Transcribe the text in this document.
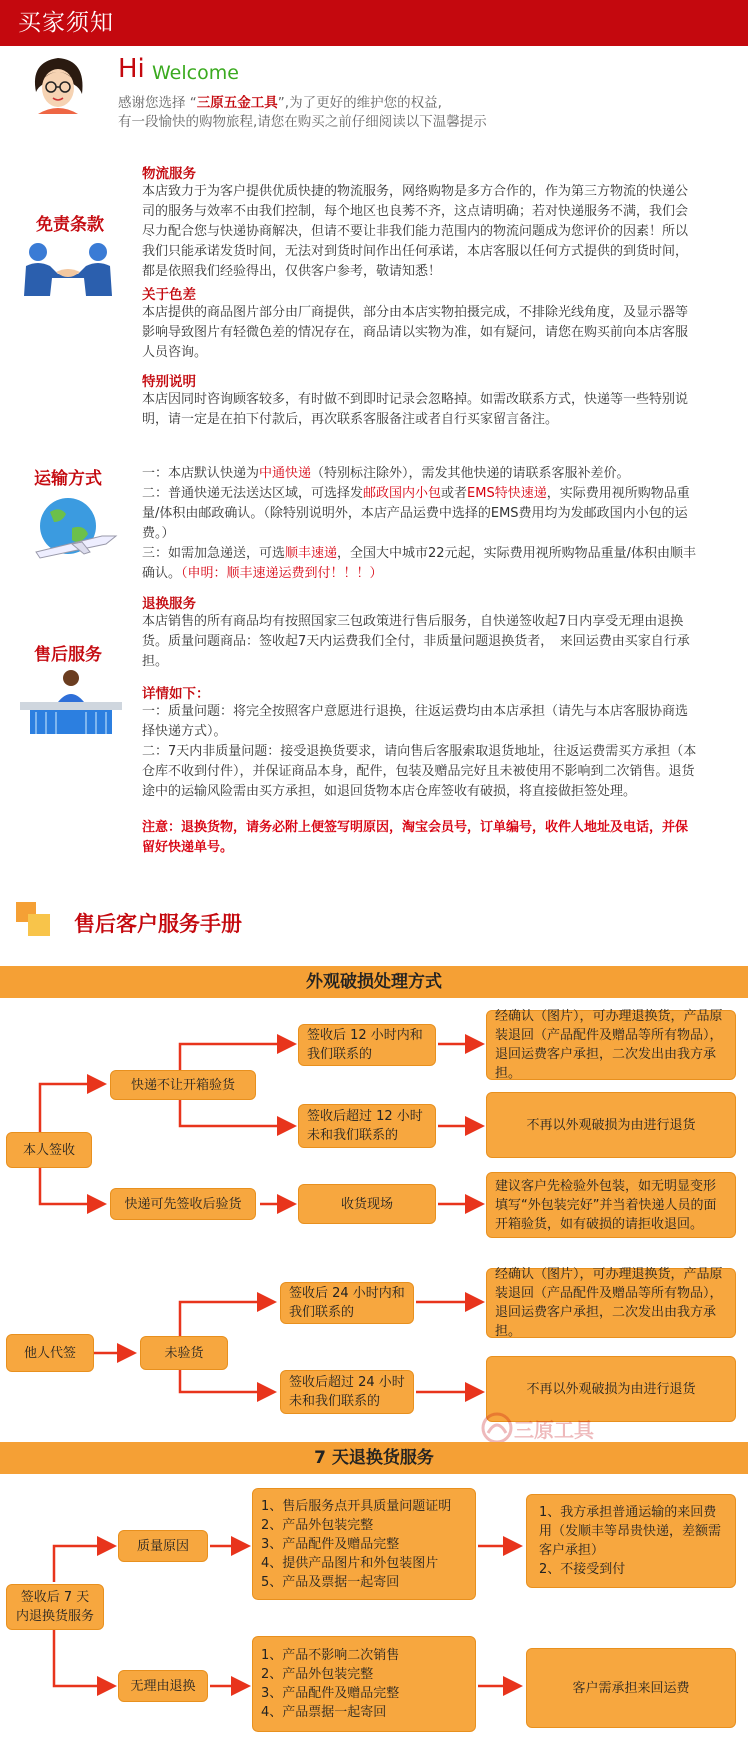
买家须知
Hi Welcome
感谢您选择 “三原五金工具”,为了更好的维护您的权益,
有一段愉快的购物旅程,请您在购买之前仔细阅读以下温馨提示
免责条款
物流服务
本店致力于为客户提供优质快捷的物流服务，网络购物是多方合作的，作为第三方物流的快递公司的服务与效率不由我们控制，每个地区也良莠不齐，这点请明确；若对快递服务不满，我们会尽力配合您与快递协商解决，但请不要让非我们能力范围内的物流问题成为您评价的因素！所以我们只能承诺发货时间，无法对到货时间作出任何承诺，本店客服以任何方式提供的到货时间，都是依照我们经验得出，仅供客户参考，敬请知悉！
关于色差
本店提供的商品图片部分由厂商提供，部分由本店实物拍摄完成，不排除光线角度，及显示器等影响导致图片有轻微色差的情况存在，商品请以实物为准，如有疑问，请您在购买前向本店客服人员咨询。
特别说明
本店因同时咨询顾客较多，有时做不到即时记录会忽略掉。如需改联系方式，快递等一些特别说明，请一定是在拍下付款后，再次联系客服备注或者自行买家留言备注。
运输方式	一：本店默认快递为中通快递（特别标注除外），需发其他快递的请联系客服补差价。
二：普通快递无法送达区域，可选择发邮政国内小包或者EMS特快速递，实际费用视所购物品重量/体积由邮政确认。（除特别说明外，本店产品运费中选择的EMS费用均为发邮政国内小包的运费。）
三：如需加急递送，可选顺丰速递，全国大中城市22元起，实际费用视所购物品重量/体积由顺丰确认。（申明：顺丰速递运费到付！！！）
售后服务
退换服务
本店销售的所有商品均有按照国家三包政策进行售后服务，自快递签收起7日内享受无理由退换货。质量问题商品：签收起7天内运费我们全付，非质量问题退换货者，　来回运费由买家自行承担。
详情如下：
一：质量问题：将完全按照客户意愿进行退换，往返运费均由本店承担（请先与本店客服协商选择快递方式）。
二：7天内非质量问题：接受退换货要求，请向售后客服索取退货地址，往返运费需买方承担（本仓库不收到付件），并保证商品本身，配件，包装及赠品完好且未被使用不影响到二次销售。退货途中的运输风险需由买方承担，如退回货物本店仓库签收有破损，将直接做拒签处理。
注意：退换货物，请务必附上便签写明原因，淘宝会员号，订单编号，收件人地址及电话，并保留好快递单号。
售后客户服务手册
外观破损处理方式
本人签收
快递不让开箱验货
快递可先签收后验货
签收后 12 小时内和我们联系的
签收后超过 12 小时未和我们联系的
收货现场
经确认（图片），可办理退换货，产品原装退回（产品配件及赠品等所有物品），退回运费客户承担，二次发出由我方承担。
不再以外观破损为由进行退货
建议客户先检验外包装，如无明显变形填写“外包装完好”并当着快递人员的面开箱验货，如有破损的请拒收退回。
他人代签	未验货
签收后 24 小时内和我们联系的
签收后超过 24 小时未和我们联系的
经确认（图片），可办理退换货，产品原装退回（产品配件及赠品等所有物品），退回运费客户承担，二次发出由我方承担。
不再以外观破损为由进行退货
三原工具
7 天退换货服务
签收后 7 天内退换货服务
质量原因
无理由退换
1、售后服务点开具质量问题证明
2、产品外包装完整
3、产品配件及赠品完整
4、提供产品图片和外包装图片
5、产品及票据一起寄回
1、我方承担普通运输的来回费用（发顺丰等昂贵快递，差额需客户承担）
2、不接受到付
1、产品不影响二次销售
2、产品外包装完整
3、产品配件及赠品完整
4、产品票据一起寄回
客户需承担来回运费
